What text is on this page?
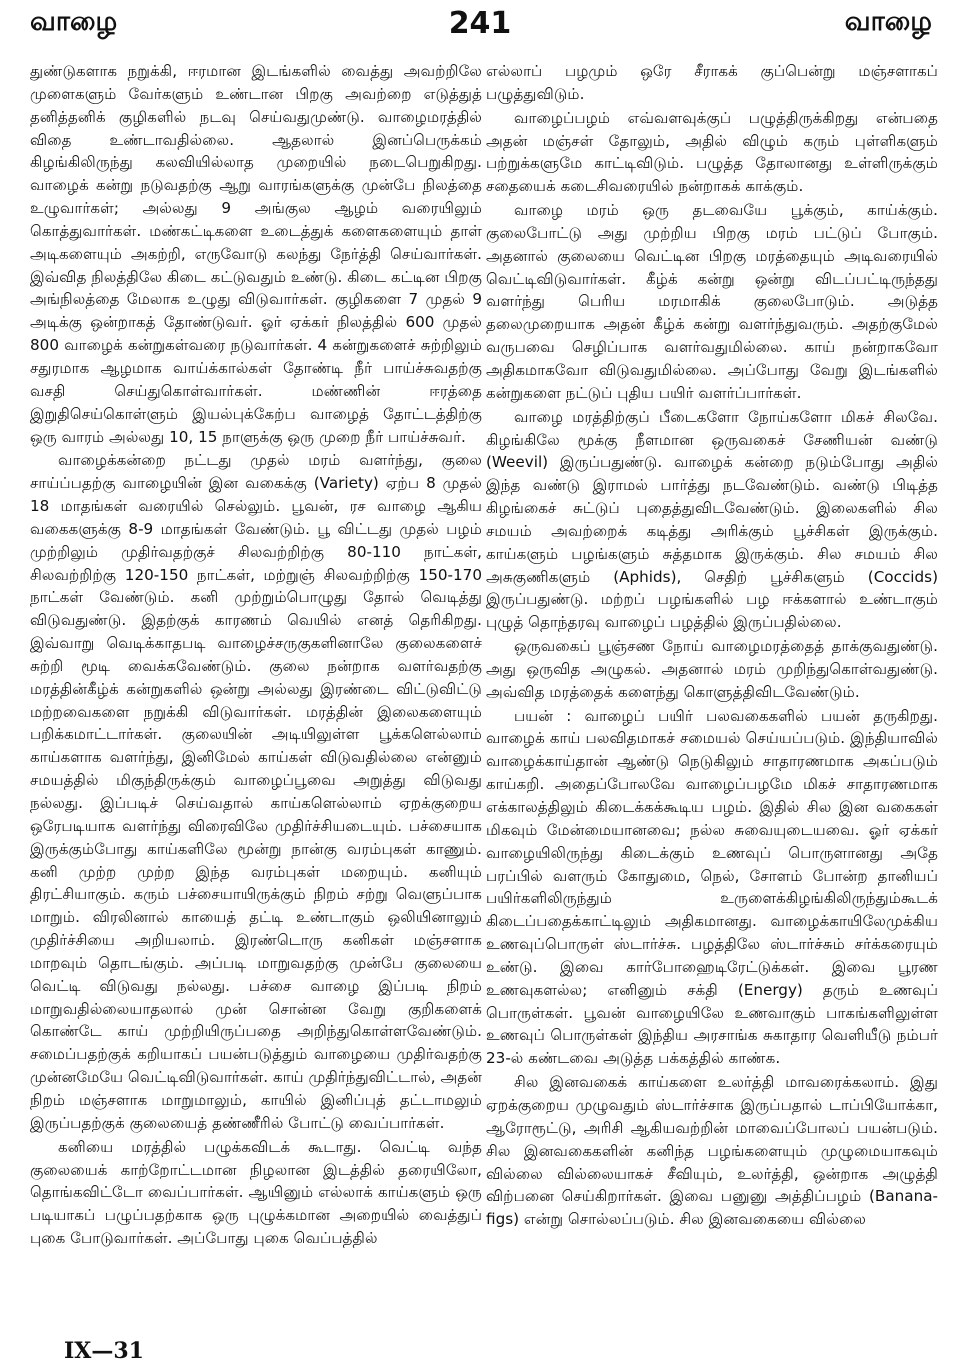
வாழை	241	வாழை

துண்டுகளாக நறுக்கி, ஈரமான இடங்களில் வைத்து அவற்றிலே முளைகளும் வேர்களும் உண்டான பிறகு அவற்றை எடுத்துத் தனித்தனிக் குழிகளில் நடவு செய்வதுமுண்டு. வாழைமரத்தில் விதை உண்டாவதில்லை. ஆதலால் இனப்பெருக்கம் கிழங்கிலிருந்து கலவியில்லாத முறையில் நடைபெறுகிறது. வாழைக் கன்று நடுவதற்கு ஆறு வாரங்களுக்கு முன்பே நிலத்தை உழுவார்கள்; அல்லது 9 அங்குல ஆழம் வரையிலும் கொத்துவார்கள். மண்கட்டிகளை உடைத்துக் களைகளையும் தாள் அடிகளையும் அகற்றி, எருவோடு கலந்து நேர்த்தி செய்வார்கள். இவ்வித நிலத்திலே கிடை கட்டுவதும் உண்டு. கிடை கட்டின பிறகு அங்நிலத்தை மேலாக உழுது விடுவார்கள். குழிகளை 7 முதல் 9 அடிக்கு ஒன்றாகத் தோண்டுவர். ஓர் ஏக்கர் நிலத்தில் 600 முதல் 800 வாழைக் கன்றுகள்வரை நடுவார்கள். 4 கன்றுகளைச் சுற்றிலும் சதுரமாக ஆழமாக வாய்க்கால்கள் தோண்டி நீர் பாய்ச்சுவதற்கு வசதி செய்துகொள்வார்கள். மண்ணின் ஈரத்தை இறுதிசெய்கொள்ளும் இயல்புக்கேற்ப வாழைத் தோட்டத்திற்கு ஒரு வாரம் அல்லது 10, 15 நாளுக்கு ஒரு முறை நீர் பாய்ச்சுவர்.

வாழைக்கன்றை நட்டது முதல் மரம் வளர்ந்து, குலை சாய்ப்பதற்கு வாழையின் இன வகைக்கு (Variety) ஏற்ப 8 முதல் 18 மாதங்கள் வரையில் செல்லும். பூவன், ரச வாழை ஆகிய வகைகளுக்கு 8-9 மாதங்கள் வேண்டும். பூ விட்டது முதல் பழம் முற்றிலும் முதிர்வதற்குச் சிலவற்றிற்கு 80-110 நாட்கள், சிலவற்றிற்கு 120-150 நாட்கள், மற்றுஞ் சிலவற்றிற்கு 150-170 நாட்கள் வேண்டும். கனி முற்றும்பொழுது தோல் வெடித்து விடுவதுண்டு. இதற்குக் காரணம் வெயில் எனத் தெரிகிறது. இவ்வாறு வெடிக்காதபடி வாழைச்சருகுகளினாலே குலைகளைச் சுற்றி மூடி வைக்கவேண்டும். குலை நன்றாக வளர்வதற்கு மரத்தின்கீழ்க் கன்றுகளில் ஒன்று அல்லது இரண்டை விட்டுவிட்டு மற்றவைகளை நறுக்கி விடுவார்கள். மரத்தின் இலைகளையும் பறிக்கமாட்டார்கள். குலையின் அடியிலுள்ள பூக்களெல்லாம் காய்களாக வளர்ந்து, இனிமேல் காய்கள் விடுவதில்லை என்னும் சமயத்தில் மிகுந்திருக்கும் வாழைப்பூவை அறுத்து விடுவது நல்லது. இப்படிச் செய்வதால் காய்களெல்லாம் ஏறக்குறைய ஒரேபடியாக வளர்ந்து விரைவிலே முதிர்ச்சியடையும். பச்சையாக இருக்கும்போது காய்களிலே மூன்று நான்கு வரம்புகள் காணும். கனி முற்ற முற்ற இந்த வரம்புகள் மறையும். கனியும் திரட்சியாகும். கரும் பச்சையாயிருக்கும் நிறம் சற்று வெளுப்பாக மாறும். விரலினால் காயைத் தட்டி உண்டாகும் ஒலியினாலும் முதிர்ச்சியை அறியலாம். இரண்டொரு கனிகள் மஞ்சளாக மாறவும் தொடங்கும். அப்படி மாறுவதற்கு முன்பே குலையை வெட்டி விடுவது நல்லது. பச்சை வாழை இப்படி நிறம் மாறுவதில்லையாதலால் முன் சொன்ன வேறு குறிகளைக் கொண்டே காய் முற்றியிருப்பதை அறிந்துகொள்ளவேண்டும். சமைப்பதற்குக் கறியாகப் பயன்படுத்தும் வாழையை முதிர்வதற்கு முன்னமேயே வெட்டிவிடுவார்கள். காய் முதிர்ந்துவிட்டால், அதன் நிறம் மஞ்சளாக மாறுமாலும், காயில் இனிப்புத் தட்டாமலும் இருப்பதற்குக் குலையைத் தண்ணீரில் போட்டு வைப்பார்கள்.

கனியை மரத்தில் பழுக்கவிடக் கூடாது. வெட்டி வந்த குலையைக் காற்றோட்டமான நிழலான இடத்தில் தரையிலோ, தொங்கவிட்டோ வைப்பார்கள். ஆயினும் எல்லாக் காய்களும் ஒரு படியாகப் பழுப்பதற்காக ஒரு புழுக்கமான அறையில் வைத்துப் புகை போடுவார்கள். அப்போது புகை வெப்பத்தில்

எல்லாப் பழமும் ஒரே சீராகக் குப்பென்று மஞ்சளாகப் பழுத்துவிடும்.

வாழைப்பழம் எவ்வளவுக்குப் பழுத்திருக்கிறது என்பதை அதன் மஞ்சள் தோலும், அதில் விழும் கரும் புள்ளிகளும் பற்றுக்களுமே காட்டிவிடும். பழுத்த தோலானது உள்ளிருக்கும் சதையைக் கடைசிவரையில் நன்றாகக் காக்கும்.

வாழை மரம் ஒரு தடவையே பூக்கும், காய்க்கும். குலைபோட்டு அது முற்றிய பிறகு மரம் பட்டுப் போகும். அதனால் குலையை வெட்டின பிறகு மரத்தையும் அடிவரையில் வெட்டிவிடுவார்கள். கீழ்க் கன்று ஒன்று விடப்பட்டிருந்தது வளர்ந்து பெரிய மரமாகிக் குலைபோடும். அடுத்த தலைமுறையாக அதன் கீழ்க் கன்று வளர்ந்துவரும். அதற்குமேல் வருபவை செழிப்பாக வளர்வதுமில்லை. காய் நன்றாகவோ அதிகமாகவோ விடுவதுமில்லை. அப்போது வேறு இடங்களில் கன்றுகளை நட்டுப் புதிய பயிர் வளர்ப்பார்கள்.

வாழை மரத்திற்குப் பீடைகளோ நோய்களோ மிகச் சிலவே. கிழங்கிலே மூக்கு நீளமான ஒருவகைச் சேணியன் வண்டு (Weevil) இருப்பதுண்டு. வாழைக் கன்றை நடும்போது அதில் இந்த வண்டு இராமல் பார்த்து நடவேண்டும். வண்டு பிடித்த கிழங்கைச் சுட்டுப் புதைத்துவிடவேண்டும். இலைகளில் சில சமயம் அவற்றைக் கடித்து அரிக்கும் பூச்சிகள் இருக்கும். காய்களும் பழங்களும் சுத்தமாக இருக்கும். சில சமயம் சில அசுகுணிகளும் (Aphids), செதிற் பூச்சிகளும் (Coccids) இருப்பதுண்டு. மற்றப் பழங்களில் பழ ஈக்களால் உண்டாகும் புழுத் தொந்தரவு வாழைப் பழத்தில் இருப்பதில்லை.

ஒருவகைப் பூஞ்சண நோய் வாழைமரத்தைத் தாக்குவதுண்டு. அது ஒருவித அழுகல். அதனால் மரம் முறிந்துகொள்வதுண்டு. அவ்வித மரத்தைக் களைந்து கொளுத்திவிடவேண்டும்.

பயன் : வாழைப் பயிர் பலவகைகளில் பயன் தருகிறது. வாழைக் காய் பலவிதமாகச் சமையல் செய்யப்படும். இந்தியாவில் வாழைக்காய்தான் ஆண்டு நெடுகிலும் சாதாரணமாக அகப்படும் காய்கறி. அதைப்போலவே வாழைப்பழமே மிகச் சாதாரணமாக எக்காலத்திலும் கிடைக்கக்கூடிய பழம். இதில் சில இன வகைகள் மிகவும் மேன்மையானவை; நல்ல சுவையுடையவை. ஓர் ஏக்கர் வாழையிலிருந்து கிடைக்கும் உணவுப் பொருளானது அதே பரப்பில் வளரும் கோதுமை, நெல், சோளம் போன்ற தானியப் பயிர்களிலிருந்தும் உருளைக்கிழங்கிலிருந்தும்கூடக் கிடைப்பதைக்காட்டிலும் அதிகமானது. வாழைக்காயிலேமுக்கிய உணவுப்பொருள் ஸ்டார்ச்சு. பழத்திலே ஸ்டார்ச்சும் சர்க்கரையும் உண்டு. இவை கார்போஹைடிரேட்டுக்கள். இவை பூரண உணவுகளல்ல; எனினும் சக்தி (Energy) தரும் உணவுப் பொருள்கள். பூவன் வாழையிலே உணவாகும் பாகங்களிலுள்ள உணவுப் பொருள்கள் இந்திய அரசாங்க சுகாதார வெளியீடு நம்பர் 23-ல் கண்டவை அடுத்த பக்கத்தில் காண்க.

சில இனவகைக் காய்களை உலர்த்தி மாவரைக்கலாம். இது ஏறக்குறைய முழுவதும் ஸ்டார்ச்சாக இருப்பதால் டாப்பியோக்கா, ஆரோரூட்டு, அரிசி ஆகியவற்றின் மாவைப்போலப் பயன்படும். சில இனவகைகளின் கனிந்த பழங்களையும் முழுமையாகவும் வில்லை வில்லையாகச் சீவியும், உலர்த்தி, ஒன்றாக அழுத்தி விற்பனை செய்கிறார்கள். இவை பனுனு அத்திப்பழம் (Banana-figs) என்று சொல்லப்படும். சில இனவகையை வில்லை

IX—31
